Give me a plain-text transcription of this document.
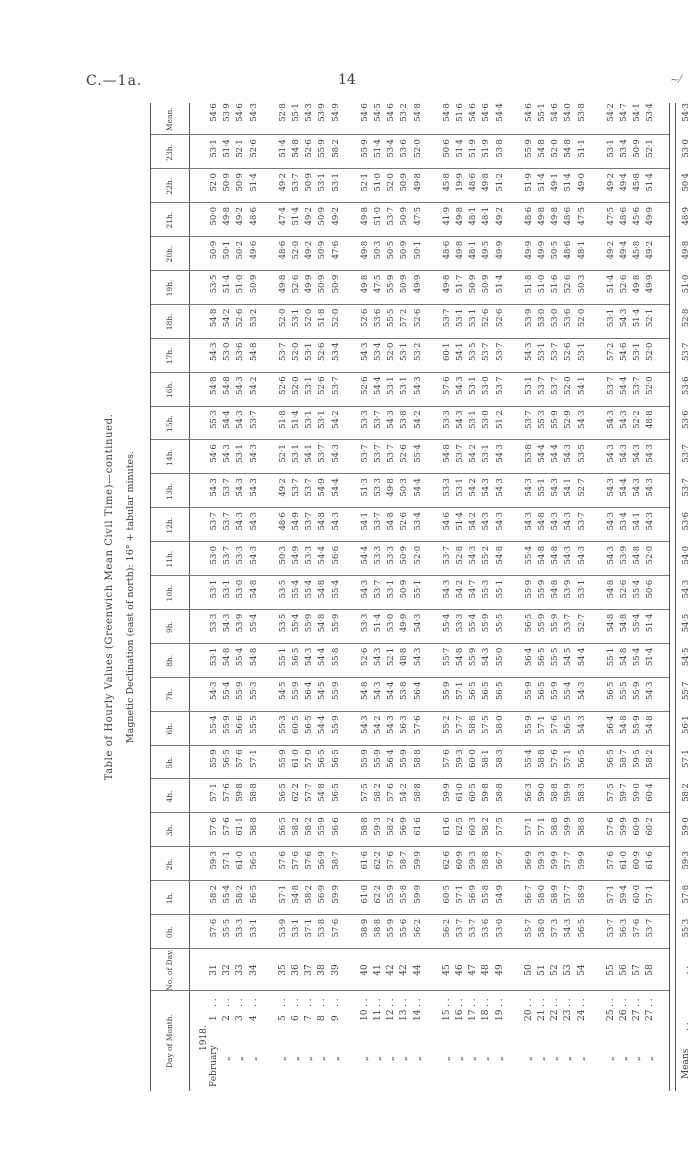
C.—1a.	14	~⁄
Table of Hourly Values (Greenwich Mean Civil Time)—continued. Magnetic Declination (east of north): 16° + tabular minutes.
Day of Month.
No. of Day.
0h.
1h.
2h.
3h.
4h.
5h.
6h.
7h.
8h.
9h.
10h.
11h.
12h.
13h.
14h.
15h.
16h.
17h.
18h.
19h.
20h.
21h.
22h.
23h.
Mean.
1918.
February
1
. .
31
57·6
58·2
59·3
57·6
57·1
55·9
55·4
54·3
53·1
53·3
53·1
53·0
53·7
54·3
54·6
55·3
54·8
54·3
54·8
53·5
50·9
50·0
52·0
53·1
54·6
„
2
. .
32
55·5
55·4
57·1
57·6
57·6
56·5
55·9
55·4
54·8
54·3
53·1
53·7
53·7
53·7
54·3
54·4
54·8
53·0
54·2
51·4
50·1
49·8
50·9
51·4
53·9
„
3
. .
33
53·3
58·2
61·0
61·1
59·8
57·6
56·6
55·9
55·4
53·9
53·0
53·3
54·3
54·3
53·1
54·3
54·3
53·6
52·6
51·0
50·2
49·2
50·9
52·1
54·6
„
4
. .
34
53·1
56·5
56·5
58·8
58·8
57·1
55·5
55·3
54·8
55·4
54·8
54·3
54·3
54·3
54·3
53·7
54·2
54·8
53·2
50·9
49·6
48·6
51·4
52·6
54·3
„
5
. .
35
53·9
57·1
57·6
56·5
56·5
55·9
55·3
54·5
55·1
53·5
53·5
50·3
48·6
49·2
52·1
51·8
52·6
53·7
52·0
49·8
48·6
47·4
49·2
51·4
52·8
„
6
. .
36
53·1
54·8
57·6
58·2
62·2
61·0
60·5
55·9
56·5
55·4
55·4
54·9
54·9
53·7
53·1
51·4
52·0
52·0
53·1
52·6
52·0
51·4
53·7
54·8
55·1
„
7
. .
37
57·1
58·2
57·6
58·2
57·7
57·0
56·5
56·4
54·3
55·9
55·4
53·3
53·7
53·7
54·1
53·1
53·1
53·1
52·0
49·9
49·2
49·2
50·9
52·6
54·3
„
8
. .
38
53·8
56·9
56·9
55·9
54·8
56·5
54·4
54·5
54·4
54·8
54·8
54·4
54·8
54·9
53·7
53·1
52·6
52·6
51·8
50·9
50·9
50·9
53·1
55·9
53·9
„
9
. .
39
57·6
59·9
58·7
56·6
56·5
56·5
55·9
55·9
55·8
55·9
55·4
56·6
54·3
54·4
54·3
54·2
53·7
53·4
52·0
50·9
47·6
49·2
53·1
58·2
54·9
„
10
. .
40
58·9
61·0
61·6
58·8
57·5
55·9
54·3
54·8
52·6
53·3
54·3
54·4
54·1
51·3
53·7
53·3
52·6
54·3
52·6
49·8
49·8
49·8
52·1
55·9
54·6
„
11
. .
41
58·8
62·2
62·2
59·3
58·2
55·9
54·2
54·3
54·3
51·4
53·7
53·3
53·7
53·3
53·7
53·7
54·4
53·4
53·6
47·5
50·3
51·0
51·0
51·4
54·5
„
12
. .
42
55·9
55·9
57·6
58·2
57·6
56·4
54·3
54·4
52·1
53·0
53·1
53·3
54·8
49·8
53·7
54·3
53·1
52·0
55·5
55·9
50·5
53·7
52·0
53·4
54·6
„
13
. .
42
55·6
55·8
58·7
56·9
54·2
55·9
56·3
53·8
48·8
49·9
50·9
50·9
52·6
50·3
52·6
53·8
53·1
53·1
57·2
50·9
50·9
50·9
50·9
53·6
53·2
„
14
. .
44
56·2
59·9
59·9
61·6
58·8
58·8
57·6
56·4
54·3
54·3
55·1
52·0
53·4
54·4
55·4
54·2
54·3
53·2
52·6
49·9
50·1
47·5
49·8
52·0
54·8
„
15
. .
45
56·2
60·5
62·6
61·6
59·9
57·6
55·2
55·9
55·7
55·4
54·3
53·7
54·6
53·3
54·8
53·3
57·6
60·1
53·7
49·8
48·6
41·9
45·8
50·6
54·8
„
16
. .
46
53·7
57·1
60·9
62·5
61·0
59·3
57·7
57·1
54·8
53·3
54·2
52·8
51·4
53·1
53·7
54·3
54·3
54·1
53·1
51·7
49·8
49·8
19·9
51·4
51·6
„
17
. .
47
53·7
56·9
59·3
60·3
60·5
60·0
58·8
56·5
55·9
55·4
54·7
54·3
54·2
54·2
54·2
53·1
53·1
53·5
53·1
50·9
48·1
48·1
48·6
51·9
54·6
„
18
. .
48
53·6
55·8
58·8
58·2
59·8
58·1
57·5
56·5
54·3
55·9
55·3
55·2
54·3
54·3
53·1
53·0
53·0
53·7
52·6
50·9
49·5
48·1
49·8
51·9
54·6
„
19
. .
49
53·0
54·9
56·7
57·5
58·8
58·3
58·0
56·5
55·0
55·5
55·1
54·8
54·3
54·3
54·3
51·2
53·7
53·7
52·6
51·4
49·9
49·2
51·2
53·8
54·4
„
20
. .
50
55·7
56·7
56·9
57·1
56·3
55·4
55·9
55·9
56·4
56·5
55·9
55·4
54·3
54·3
53·8
53·7
53·1
54·3
53·9
51·8
49·9
48·6
51·9
55·9
54·6
„
21
. .
51
58·0
58·0
59·3
57·1
59·0
58·8
57·1
56·5
56·5
55·9
55·9
54·8
54·8
55·1
54·4
55·3
53·7
53·1
53·0
51·0
49·9
49·8
51·4
54·8
55·1
„
22
. .
52
57·3
58·9
59·9
58·8
58·8
57·6
57·6
55·9
55·5
55·9
54·8
54·8
54·3
54·3
54·4
55·9
53·7
53·7
53·0
51·6
50·5
49·8
49·1
52·0
54·6
„
23
. .
53
54·3
57·7
57·7
59·9
59·9
57·1
56·5
55·4
54·5
53·7
53·9
54·3
54·3
54·1
54·3
52·9
52·0
52·6
53·6
52·6
48·6
48·6
51·4
54·8
54·0
„
24
. .
54
56·5
58·9
59·9
58·8
58·3
56·5
54·3
54·3
54·4
52·7
53·1
54·3
53·7
52·7
53·5
54·3
54·1
53·1
52·0
50·3
48·1
47·5
49·0
51·1
53·8
„
25
. .
55
53·7
57·1
57·6
57·6
57·5
56·5
56·4
56·5
55·1
54·8
54·8
54·3
54·3
54·3
54·3
54·3
53·7
57·2
53·1
51·4
49·2
47·5
49·2
53·1
54·2
„
26
. .
56
56·3
59·4
61·0
59·9
59·7
58·7
54·8
55·5
54·8
54·8
52·6
53·9
53·4
54·4
54·3
54·3
54·4
54·6
54·3
52·6
49·4
48·6
49·4
53·4
54·7
„
27
. .
57
57·6
60·0
60·9
60·9
59·0
59·5
55·9
55·9
55·4
55·4
55·4
54·8
54·1
54·3
54·3
52·2
53·7
53·1
51·4
49·8
45·8
45·6
45·8
50·9
54·1
„
27
. .
58
53·7
57·1
61·6
60·2
60·4
58·2
54·8
54·3
51·4
51·4
50·6
52·0
54·3
54·3
54·3
48·8
52·0
52·0
52·1
49·9
49·2
49·9
51·4
52·1
53·4
Means
. .
. .
55·3
57·8
59·3
59·0
58·2
57·1
56·1
55·7
54·5
54·5
54·3
54·0
53·6
53·7
53·7
53·6
53·6
53·7
52·8
51·0
49·8
48·9
50·4
53·0
54·3
